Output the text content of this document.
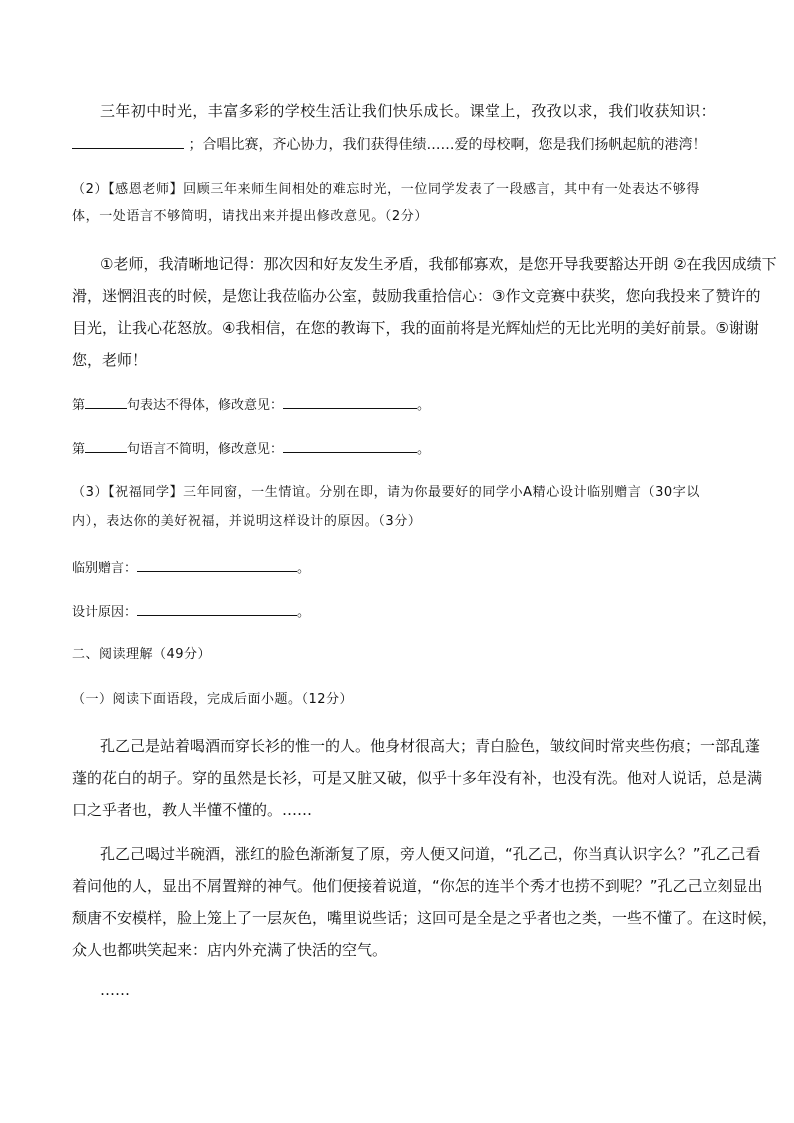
三年初中时光，丰富多彩的学校生活让我们快乐成长。课堂上，孜孜以求，我们收获知识：
；合唱比赛，齐心协力，我们获得佳绩……爱的母校啊，您是我们扬帆起航的港湾！
（2）【感恩老师】回顾三年来师生间相处的难忘时光，一位同学发表了一段感言，其中有一处表达不够得
体，一处语言不够简明，请找出来并提出修改意见。（2分）
①老师，我清晰地记得：那次因和好友发生矛盾，我郁郁寡欢，是您开导我要豁达开朗 ②在我因成绩下
滑，迷惘沮丧的时候，是您让我莅临办公室，鼓励我重拾信心：③作文竞赛中获奖，您向我投来了赞许的
目光，让我心花怒放。④我相信，在您的教诲下，我的面前将是光辉灿烂的无比光明的美好前景。⑤谢谢
您，老师！
第	句表达不得体，修改意见：	。
第	句语言不简明，修改意见：	。
（3）【祝福同学】三年同窗，一生情谊。分别在即，请为你最要好的同学小A精心设计临别赠言（30字以
内），表达你的美好祝福，并说明这样设计的原因。（3分）
临别赠言：	。
设计原因：	。
二、阅读理解（49分）
（一）阅读下面语段，完成后面小题。（12分）
孔乙己是站着喝酒而穿长衫的惟一的人。他身材很高大；青白脸色，皱纹间时常夹些伤痕；一部乱蓬
蓬的花白的胡子。穿的虽然是长衫，可是又脏又破，似乎十多年没有补，也没有洗。他对人说话，总是满
口之乎者也，教人半懂不懂的。……
孔乙己喝过半碗酒，涨红的脸色渐渐复了原，旁人便又问道，“孔乙己，你当真认识字么？”孔乙己看
着问他的人，显出不屑置辩的神气。他们便接着说道，“你怎的连半个秀才也捞不到呢？”孔乙己立刻显出
颓唐不安模样，脸上笼上了一层灰色，嘴里说些话；这回可是全是之乎者也之类，一些不懂了。在这时候，
众人也都哄笑起来：店内外充满了快活的空气。
……
